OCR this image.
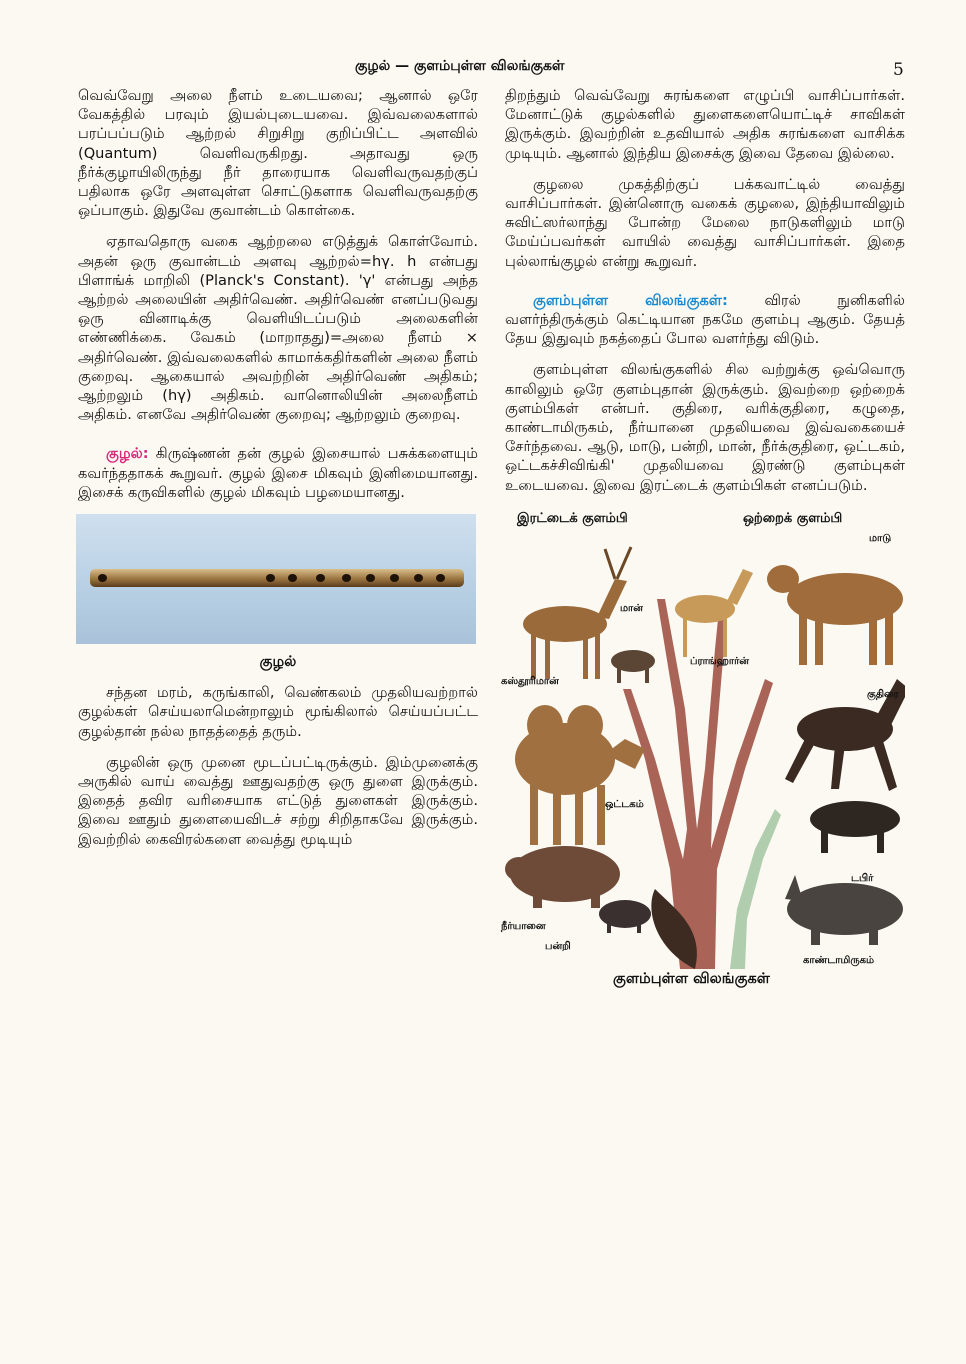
குழல் — குளம்புள்ள விலங்குகள்	5

வெவ்வேறு அலை நீளம் உடையவை; ஆனால் ஒரே வேகத்தில் பரவும் இயல்புடையவை. இவ்வலைகளால் பரப்பப்படும் ஆற்றல் சிறுசிறு குறிப்பிட்ட அளவில் (Quantum) வெளிவருகிறது. அதாவது ஒரு நீர்க்குழாயிலிருந்து நீர் தாரையாக வெளிவருவதற்குப் பதிலாக ஒரே அளவுள்ள சொட்டுகளாக வெளிவருவதற்கு ஒப்பாகும். இதுவே குவான்டம் கொள்கை.

ஏதாவதொரு வகை ஆற்றலை எடுத்துக் கொள்வோம். அதன் ஒரு குவான்டம் அளவு ஆற்றல்=hγ. h என்பது பிளாங்க் மாறிலி (Planck's Constant). 'γ' என்பது அந்த ஆற்றல் அலையின் அதிர்வெண். அதிர்வெண் எனப்படுவது ஒரு வினாடிக்கு வெளியிடப்படும் அலைகளின் எண்ணிக்கை. வேகம் (மாறாதது)=அலை நீளம் × அதிர்வெண். இவ்வலைகளில் காமாக்கதிர்களின் அலை நீளம் குறைவு. ஆகையால் அவற்றின் அதிர்வெண் அதிகம்; ஆற்றலும் (hγ) அதிகம். வானொலியின் அலைநீளம் அதிகம். எனவே அதிர்வெண் குறைவு; ஆற்றலும் குறைவு.

குழல்: கிருஷ்ணன் தன் குழல் இசையால் பசுக்களையும் கவர்ந்ததாகக் கூறுவர். குழல் இசை மிகவும் இனிமையானது. இசைக் கருவிகளில் குழல் மிகவும் பழமையானது.

குழல்

சந்தன மரம், கருங்காலி, வெண்கலம் முதலியவற்றால் குழல்கள் செய்யலாமென்றாலும் மூங்கிலால் செய்யப்பட்ட குழல்தான் நல்ல நாதத்தைத் தரும்.

குழலின் ஒரு முனை மூடப்பட்டிருக்கும். இம்முனைக்கு அருகில் வாய் வைத்து ஊதுவதற்கு ஒரு துளை இருக்கும். இதைத் தவிர வரிசையாக எட்டுத் துளைகள் இருக்கும். இவை ஊதும் துளையைவிடச் சற்று சிறிதாகவே இருக்கும். இவற்றில் கைவிரல்களை வைத்து மூடியும்

திறந்தும் வெவ்வேறு சுரங்களை எழுப்பி வாசிப்பார்கள். மேனாட்டுக் குழல்களில் துளைகளையொட்டிச் சாவிகள் இருக்கும். இவற்றின் உதவியால் அதிக சுரங்களை வாசிக்க முடியும். ஆனால் இந்திய இசைக்கு இவை தேவை இல்லை.

குழலை முகத்திற்குப் பக்கவாட்டில் வைத்து வாசிப்பார்கள். இன்னொரு வகைக் குழலை, இந்தியாவிலும் சுவிட்ஸர்லாந்து போன்ற மேலை நாடுகளிலும் மாடு மேய்ப்பவர்கள் வாயில் வைத்து வாசிப்பார்கள். இதை புல்லாங்குழல் என்று கூறுவர்.

குளம்புள்ள விலங்குகள்:	விரல் நுனிகளில் வளர்ந்திருக்கும் கெட்டியான நகமே குளம்பு ஆகும். தேயத் தேய இதுவும் நகத்தைப் போல வளர்ந்து விடும்.

குளம்புள்ள விலங்குகளில் சில வற்றுக்கு ஒவ்வொரு காலிலும் ஒரே குளம்புதான் இருக்கும். இவற்றை ஒற்றைக் குளம்பிகள் என்பர். குதிரை, வரிக்குதிரை, கழுதை, காண்டாமிருகம், நீர்யானை முதலியவை இவ்வகையைச் சேர்ந்தவை. ஆடு, மாடு, பன்றி, மான், நீர்க்குதிரை, ஒட்டகம், ஒட்டகச்சிவிங்கி' முதலியவை இரண்டு குளம்புகள் உடையவை. இவை இரட்டைக் குளம்பிகள் எனப்படும்.

இரட்டைக் குளம்பி	ஒற்றைக் குளம்பி
மாடு
மான்
கஸ்தூரிமான்
ப்ராங்ஹார்ன்
குதிரை
ஒட்டகம்
டபிர்
நீர்யானை
பன்றி
காண்டாமிருகம்
குளம்புள்ள விலங்குகள்
